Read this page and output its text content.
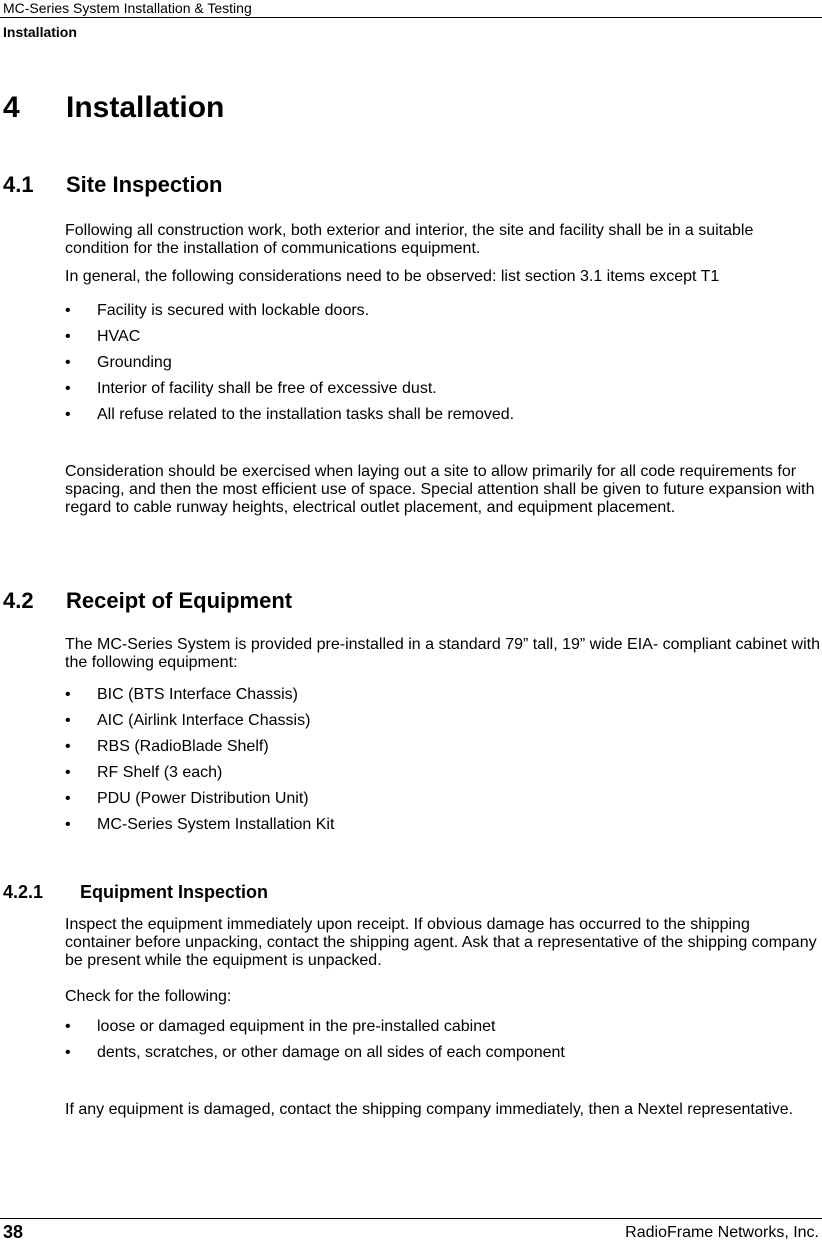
MC-Series System Installation & Testing
Installation
4 Installation
4.1 Site Inspection

Following all construction work, both exterior and interior, the site and facility shall be in a suitable condition for the installation of communications equipment.

In general, the following considerations need to be observed: list section 3.1 items except T1

• Facility is secured with lockable doors.
• HVAC
• Grounding
• Interior of facility shall be free of excessive dust.
• All refuse related to the installation tasks shall be removed.

Consideration should be exercised when laying out a site to allow primarily for all code requirements for spacing, and then the most efficient use of space. Special attention shall be given to future expansion with regard to cable runway heights, electrical outlet placement, and equipment placement.

4.2 Receipt of Equipment

The MC-Series System is provided pre-installed in a standard 79” tall, 19” wide EIA- compliant cabinet with the following equipment:

• BIC (BTS Interface Chassis)
• AIC (Airlink Interface Chassis)
• RBS (RadioBlade Shelf)
• RF Shelf (3 each)
• PDU (Power Distribution Unit)
• MC-Series System Installation Kit
4.2.1 Equipment Inspection

Inspect the equipment immediately upon receipt. If obvious damage has occurred to the shipping container before unpacking, contact the shipping agent. Ask that a representative of the shipping company be present while the equipment is unpacked.

Check for the following:

• loose or damaged equipment in the pre-installed cabinet
• dents, scratches, or other damage on all sides of each component

If any equipment is damaged, contact the shipping company immediately, then a Nextel representative.

38	RadioFrame Networks, Inc.
